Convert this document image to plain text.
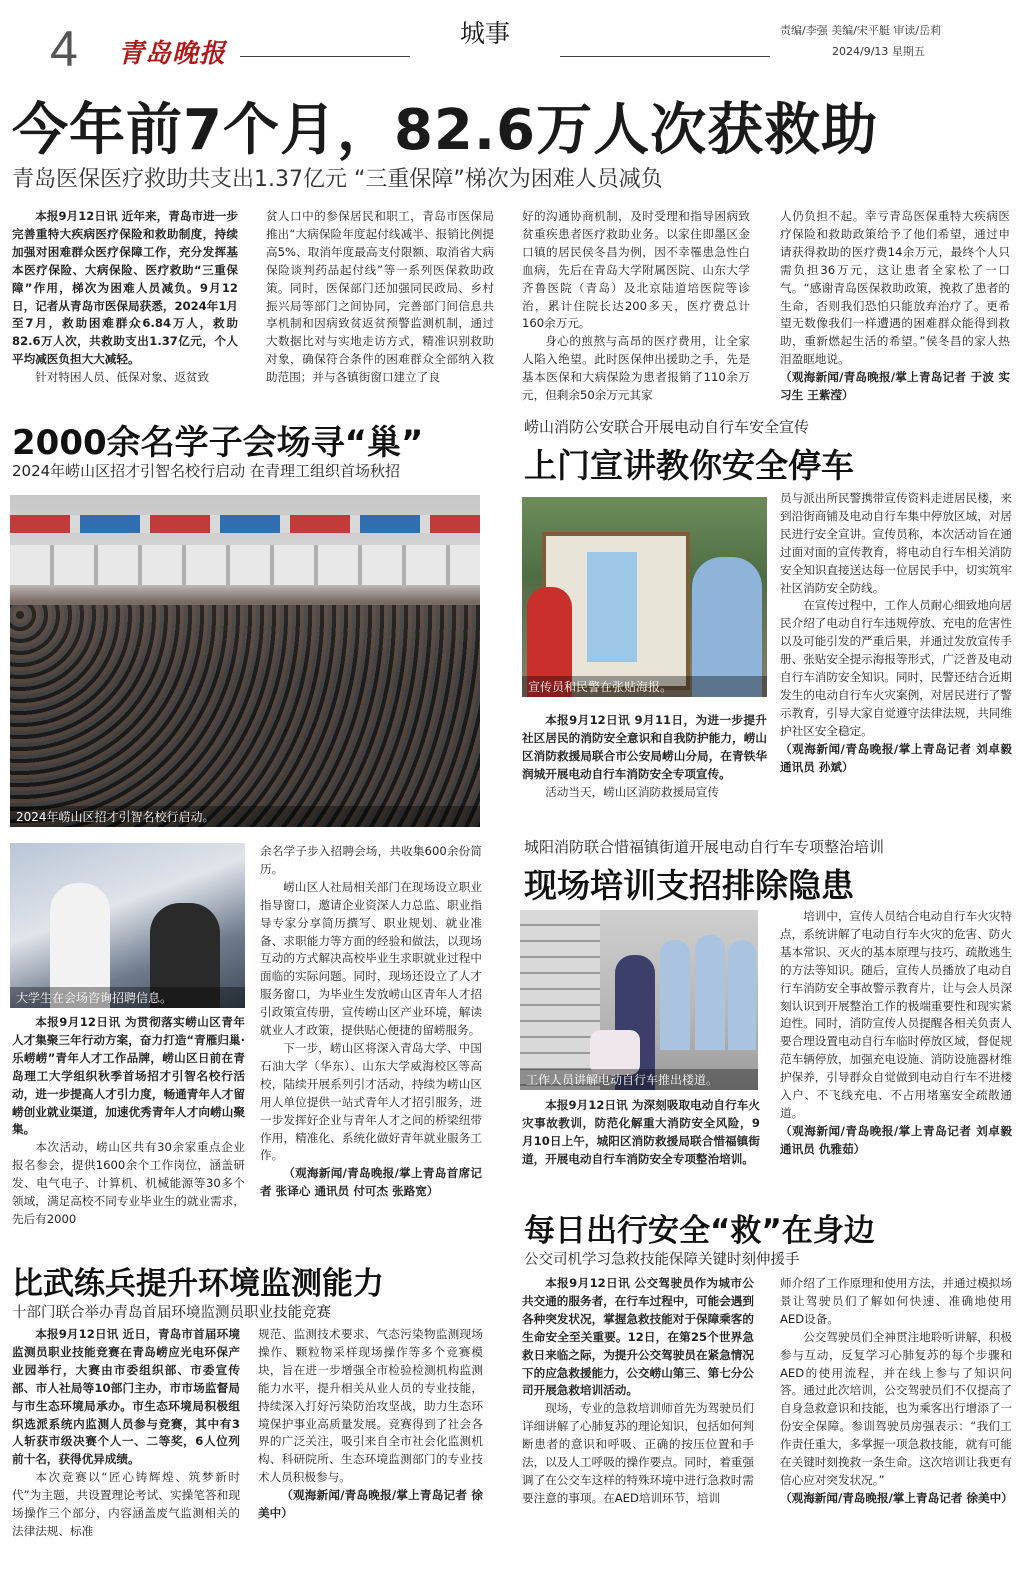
4 青岛晚报
城事	责编/李强 美编/宋平艇 审读/岳莉
2024/9/13 星期五
今年前7个月，82.6万人次获救助
青岛医保医疗救助共支出1.37亿元 “三重保障”梯次为困难人员减负

本报9月12日讯 近年来，青岛市进一步完善重特大疾病医疗保险和救助制度，持续加强对困难群众医疗保障工作，充分发挥基本医疗保险、大病保险、医疗救助“三重保障”作用，梯次为困难人员减负。9月12日，记者从青岛市医保局获悉，2024年1月至7月，救助困难群众6.84万人，救助82.6万人次，共救助支出1.37亿元，个人平均减医负担大大减轻。

针对特困人员、低保对象、返贫致

贫人口中的参保居民和职工，青岛市医保局推出“大病保险年度起付线减半、报销比例提高5%、取消年度最高支付限额、取消省大病保险谈判药品起付线”等一系列医保救助政策。同时，医保部门还加强同民政局、乡村振兴局等部门之间协同，完善部门间信息共享机制和因病致贫返贫预警监测机制，通过大数据比对与实地走访方式，精准识别救助对象，确保符合条件的困难群众全部纳入救助范围；并与各镇街窗口建立了良

好的沟通协商机制，及时受理和指导困病致贫重疾患者医疗救助业务。以家住即墨区金口镇的居民侯冬昌为例，因不幸罹患急性白血病，先后在青岛大学附属医院、山东大学齐鲁医院（青岛）及北京陆道培医院等诊治，累计住院长达200多天，医疗费总计160余万元。

身心的煎熬与高昂的医疗费用，让全家人陷入绝望。此时医保伸出援助之手，先是基本医保和大病保险为患者报销了110余万元，但剩余50余万元其家

人仍负担不起。幸亏青岛医保重特大疾病医疗保险和救助政策给予了他们希望，通过申请获得救助的医疗费14余万元，最终个人只需负担36万元，这让患者全家松了一口气。“感谢青岛医保救助政策，挽救了患者的生命，否则我们恐怕只能放弃治疗了。更希望无数像我们一样遭遇的困难群众能得到救助，重新燃起生活的希望。”侯冬昌的家人热泪盈眶地说。

（观海新闻/青岛晚报/掌上青岛记者 于波 实习生 王紫滢）

2000余名学子会场寻“巢”
2024年崂山区招才引智名校行启动 在青理工组织首场秋招
2024年崂山区招才引智名校行启动。
大学生在会场咨询招聘信息。

本报9月12日讯 为贯彻落实崂山区青年人才集聚三年行动方案，奋力打造“青雁归巢·乐崂崂”青年人才工作品牌，崂山区日前在青岛理工大学组织秋季首场招才引智名校行活动，进一步提高人才引力度，畅通青年人才留崂创业就业渠道，加速优秀青年人才向崂山聚集。

本次活动，崂山区共有30余家重点企业报名参会，提供1600余个工作岗位，涵盖研发、电气电子、计算机、机械能源等30多个领域，满足高校不同专业毕业生的就业需求，先后有2000

余名学子步入招聘会场，共收集600余份简历。

崂山区人社局相关部门在现场设立职业指导窗口，邀请企业资深人力总监、职业指导专家分享简历撰写、职业规划、就业准备、求职能力等方面的经验和做法，以现场互动的方式解决高校毕业生求职就业过程中面临的实际问题。同时，现场还设立了人才服务窗口，为毕业生发放崂山区青年人才招引政策宣传册，宣传崂山区产业环境，解读就业人才政策，提供贴心便捷的留崂服务。

下一步，崂山区将深入青岛大学、中国石油大学（华东）、山东大学威海校区等高校，陆续开展系列引才活动，持续为崂山区用人单位提供一站式青年人才招引服务，进一步发挥好企业与青年人才之间的桥梁纽带作用，精准化、系统化做好青年就业服务工作。

（观海新闻/青岛晚报/掌上青岛首席记者 张译心 通讯员 付可杰 张路宽）

崂山消防公安联合开展电动自行车安全宣传
上门宣讲教你安全停车
宣传员和民警在张贴海报。

员与派出所民警携带宣传资料走进居民楼，来到沿街商铺及电动自行车集中停放区域，对居民进行安全宣讲。宣传员称，本次活动旨在通过面对面的宣传教育，将电动自行车相关消防安全知识直接送达每一位居民手中，切实筑牢社区消防安全防线。

在宣传过程中，工作人员耐心细致地向居民介绍了电动自行车违规停放、充电的危害性以及可能引发的严重后果，并通过发放宣传手册、张贴安全提示海报等形式，广泛普及电动自行车消防安全知识。同时，民警还结合近期发生的电动自行车火灾案例，对居民进行了警示教育，引导大家自觉遵守法律法规，共同维护社区安全稳定。

（观海新闻/青岛晚报/掌上青岛记者 刘卓毅 通讯员 孙斌）

本报9月12日讯 9月11日，为进一步提升社区居民的消防安全意识和自我防护能力，崂山区消防救援局联合市公安局崂山分局，在青铁华润城开展电动自行车消防安全专项宣传。

活动当天，崂山区消防救援局宣传

城阳消防联合惜福镇街道开展电动自行车专项整治培训
现场培训支招排除隐患
工作人员讲解电动自行车推出楼道。

培训中，宣传人员结合电动自行车火灾特点，系统讲解了电动自行车火灾的危害、防火基本常识、灭火的基本原理与技巧、疏散逃生的方法等知识。随后，宣传人员播放了电动自行车消防安全事故警示教育片，让与会人员深刻认识到开展整治工作的极端重要性和现实紧迫性。同时，消防宣传人员提醒各相关负责人要合理设置电动自行车临时停放区域，督促规范车辆停放，加强充电设施、消防设施器材维护保养，引导群众自觉做到电动自行车不进楼入户、不飞线充电、不占用堵塞安全疏散通道。

（观海新闻/青岛晚报/掌上青岛记者 刘卓毅 通讯员 仇雅茹）

本报9月12日讯 为深刻吸取电动自行车火灾事故教训，防范化解重大消防安全风险，9月10日上午，城阳区消防救援局联合惜福镇街道，开展电动自行车消防安全专项整治培训。

比武练兵提升环境监测能力
十部门联合举办青岛首届环境监测员职业技能竞赛

本报9月12日讯 近日，青岛市首届环境监测员职业技能竞赛在青岛崂应光电环保产业园举行，大赛由市委组织部、市委宣传部、市人社局等10部门主办，市市场监督局与市生态环境局承办。市生态环境局积极组织选派系统内监测人员参与竞赛，其中有3人斩获市级决赛个人一、二等奖，6人位列前十名，获得优异成绩。

本次竞赛以“匠心铸辉煌、筑梦新时代”为主题，共设置理论考试、实操笔答和现场操作三个部分，内容涵盖废气监测相关的法律法规、标准

规范、监测技术要求、气态污染物监测现场操作、颗粒物采样现场操作等多个竞赛模块，旨在进一步增强全市检验检测机构监测能力水平，提升相关从业人员的专业技能，持续深入打好污染防治攻坚战，助力生态环境保护事业高质量发展。竞赛得到了社会各界的广泛关注，吸引来自全市社会化监测机构、科研院所、生态环境监测部门的专业技术人员积极参与。

（观海新闻/青岛晚报/掌上青岛记者 徐美中）

每日出行安全“救”在身边
公交司机学习急救技能保障关键时刻伸援手

本报9月12日讯 公交驾驶员作为城市公共交通的服务者，在行车过程中，可能会遇到各种突发状况，掌握急救技能对于保障乘客的生命安全至关重要。12日，在第25个世界急救日来临之际，为提升公交驾驶员在紧急情况下的应急救援能力，公交崂山第三、第七分公司开展急救培训活动。

现场，专业的急救培训师首先为驾驶员们详细讲解了心肺复苏的理论知识，包括如何判断患者的意识和呼吸、正确的按压位置和手法，以及人工呼吸的操作要点。同时，着重强调了在公交车这样的特殊环境中进行急救时需要注意的事项。在AED培训环节，培训

师介绍了工作原理和使用方法，并通过模拟场景让驾驶员们了解如何快速、准确地使用AED设备。

公交驾驶员们全神贯注地聆听讲解，积极参与互动，反复学习心肺复苏的每个步骤和AED的使用流程，并在线上参与了知识问答。通过此次培训，公交驾驶员们不仅提高了自身急救意识和技能，也为乘客出行增添了一份安全保障。参训驾驶员房强表示：“我们工作责任重大，多掌握一项急救技能，就有可能在关键时刻挽救一条生命。这次培训让我更有信心应对突发状况。”

（观海新闻/青岛晚报/掌上青岛记者 徐美中）
